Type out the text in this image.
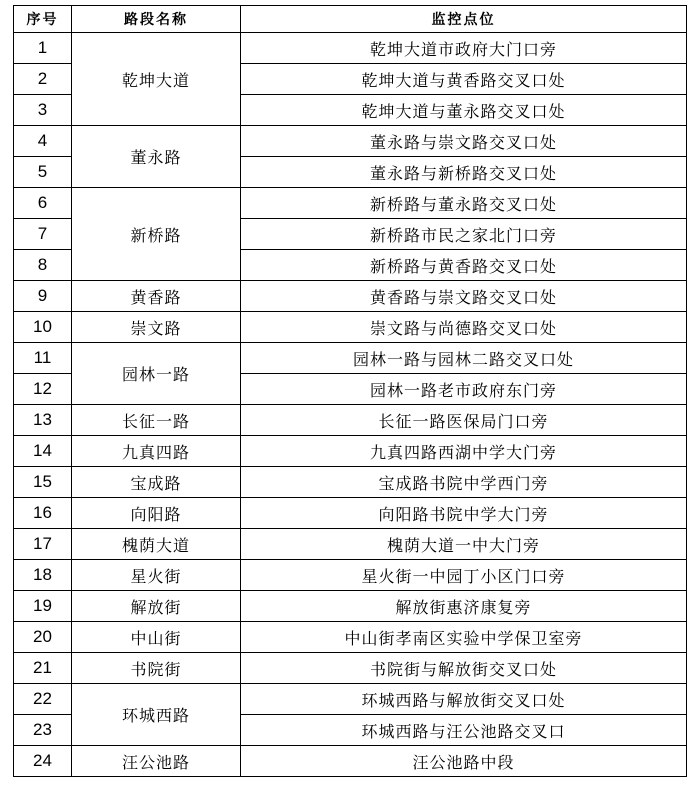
序号	路段名称	监控点位
1	乾坤大道	乾坤大道市政府大门口旁
2		乾坤大道与黄香路交叉口处
3		乾坤大道与董永路交叉口处
4	董永路	董永路与崇文路交叉口处
5		董永路与新桥路交叉口处
6	新桥路	新桥路与董永路交叉口处
7		新桥路市民之家北门口旁
8		新桥路与黄香路交叉口处
9	黄香路	黄香路与崇文路交叉口处
10	崇文路	崇文路与尚德路交叉口处
11	园林一路	园林一路与园林二路交叉口处
12		园林一路老市政府东门旁
13	长征一路	长征一路医保局门口旁
14	九真四路	九真四路西湖中学大门旁
15	宝成路	宝成路书院中学西门旁
16	向阳路	向阳路书院中学大门旁
17	槐荫大道	槐荫大道一中大门旁
18	星火街	星火街一中园丁小区门口旁
19	解放街	解放街惠济康复旁
20	中山街	中山街孝南区实验中学保卫室旁
21	书院街	书院街与解放街交叉口处
22	环城西路	环城西路与解放街交叉口处
23		环城西路与汪公池路交叉口
24	汪公池路	汪公池路中段
